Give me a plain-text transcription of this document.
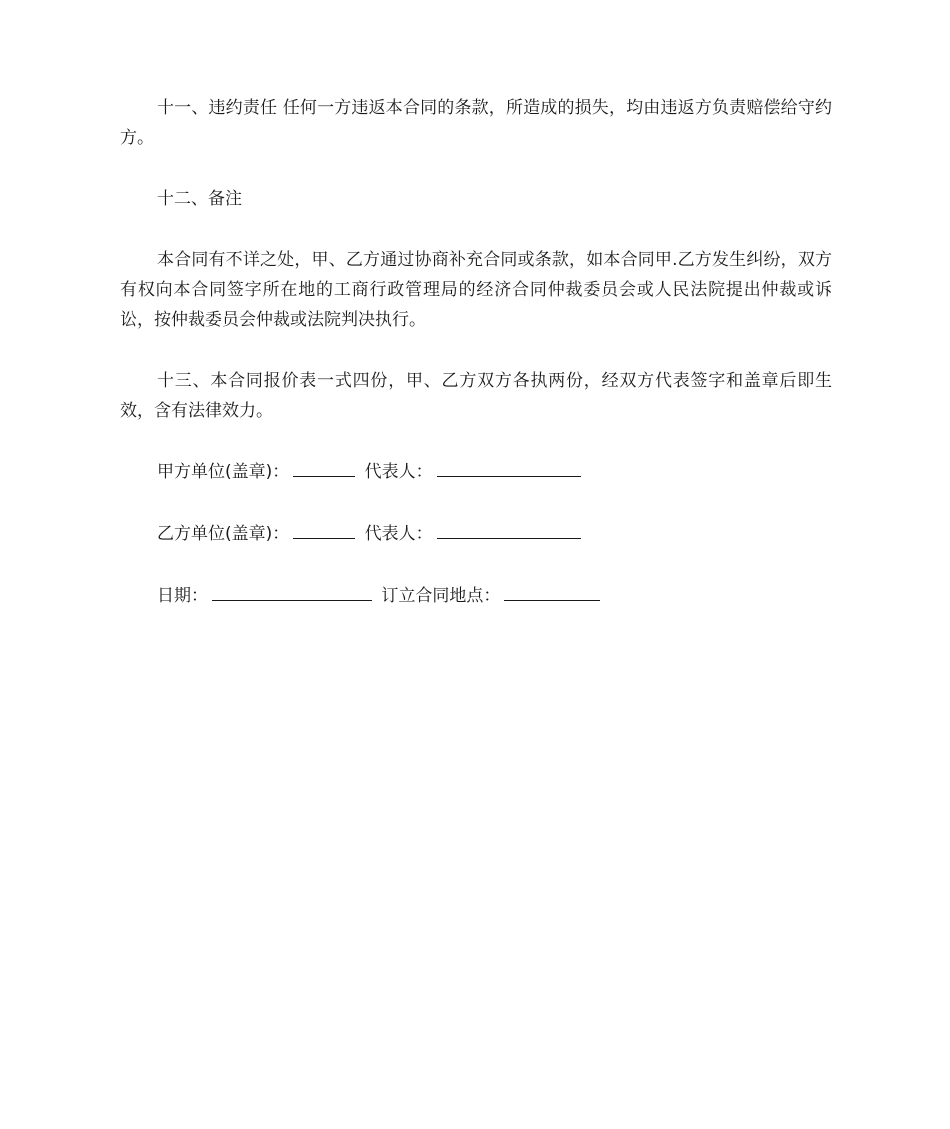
十一、违约责任 任何一方违返本合同的条款，所造成的损失，均由违返方负责赔偿给守约方。

十二、备注

本合同有不详之处，甲、乙方通过协商补充合同或条款，如本合同甲.乙方发生纠纷，双方有权向本合同签字所在地的工商行政管理局的经济合同仲裁委员会或人民法院提出仲裁或诉讼，按仲裁委员会仲裁或法院判决执行。

十三、本合同报价表一式四份，甲、乙方双方各执两份，经双方代表签字和盖章后即生效，含有法律效力。

甲方单位(盖章)：	代表人：
乙方单位(盖章)：	代表人：
日期：	订立合同地点：
